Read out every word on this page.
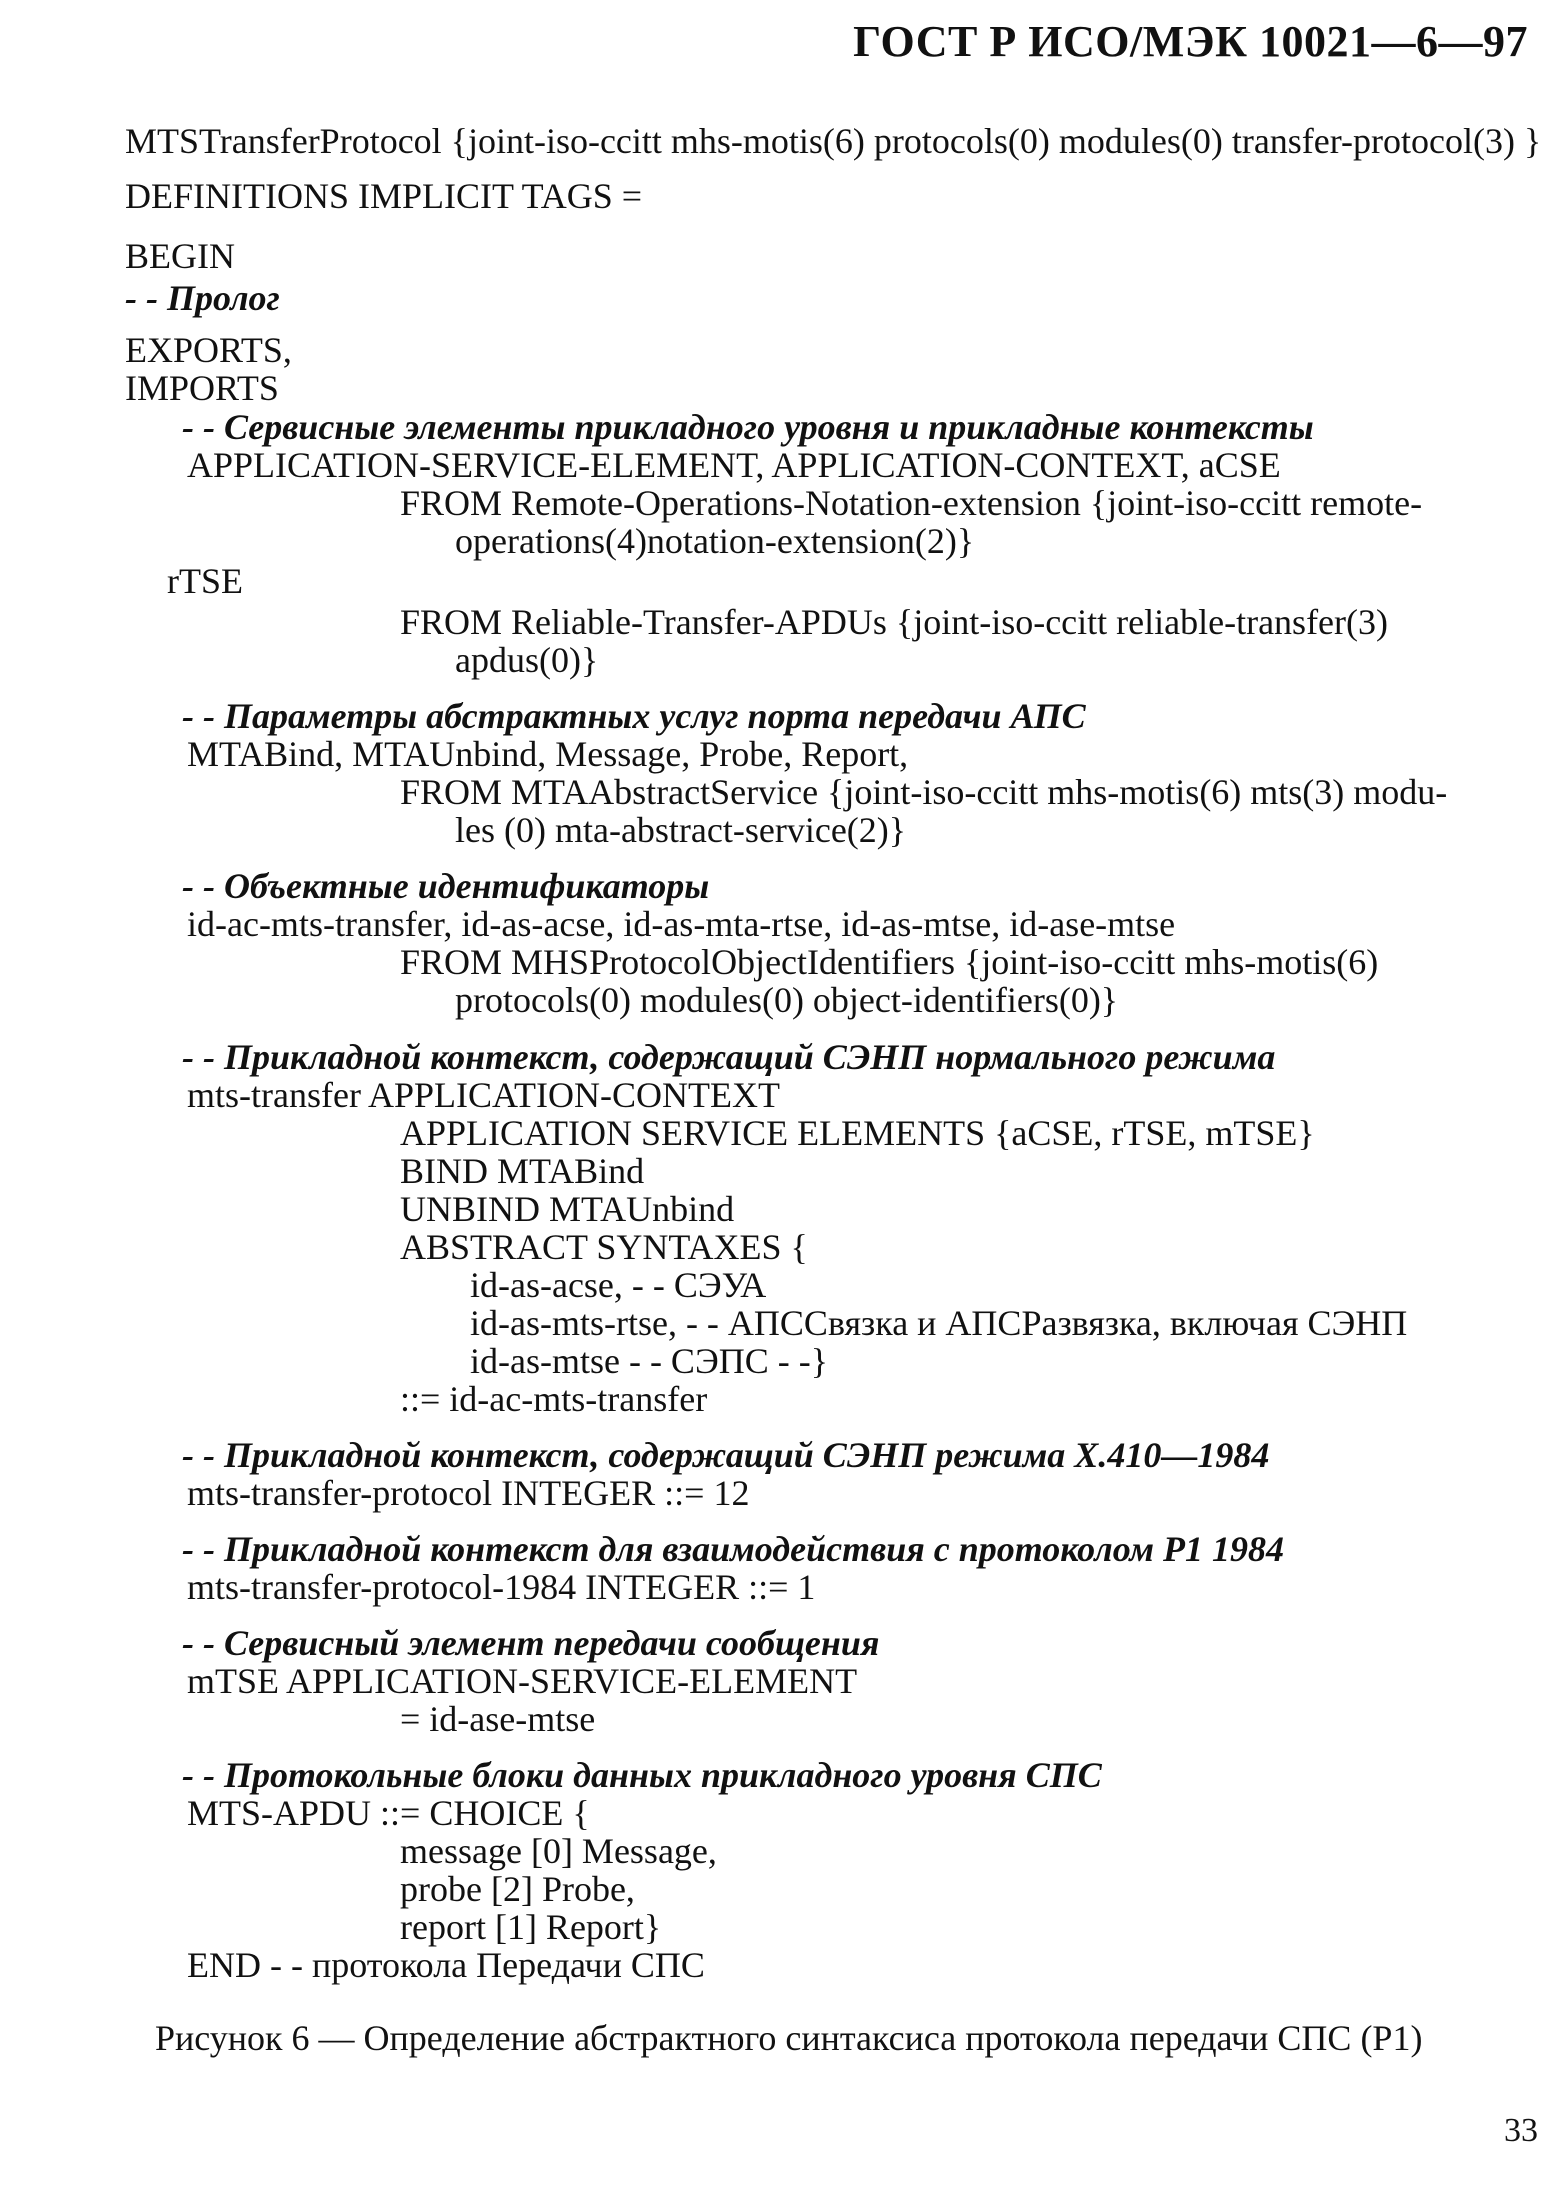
ГОСТ Р ИСО/МЭК 10021—6—97
MTSTransferProtocol {joint-iso-ccitt mhs-motis(6) protocols(0) modules(0) transfer-protocol(3) }
DEFINITIONS IMPLICIT TAGS =
BEGIN
- - Пролог
EXPORTS,
IMPORTS
- - Сервисные элементы прикладного уровня и прикладные контексты
APPLICATION-SERVICE-ELEMENT, APPLICATION-CONTEXT, aCSE
FROM Remote-Operations-Notation-extension {joint-iso-ccitt remote-
operations(4)notation-extension(2)}
rTSE
FROM Reliable-Transfer-APDUs {joint-iso-ccitt reliable-transfer(3)
apdus(0)}
- - Параметры абстрактных услуг порта передачи АПС
MTABind, MTAUnbind, Message, Probe, Report,
FROM MTAAbstractService {joint-iso-ccitt mhs-motis(6) mts(3) modu-
les (0) mta-abstract-service(2)}
- - Объектные идентификаторы
id-ac-mts-transfer, id-as-acse, id-as-mta-rtse, id-as-mtse, id-ase-mtse
FROM MHSProtocolObjectIdentifiers {joint-iso-ccitt mhs-motis(6)
protocols(0) modules(0) object-identifiers(0)}
- - Прикладной контекст, содержащий СЭНП нормального режима
mts-transfer APPLICATION-CONTEXT
APPLICATION SERVICE ELEMENTS {aCSE, rTSE, mTSE}
BIND MTABind
UNBIND MTAUnbind
ABSTRACT SYNTAXES {
id-as-acse, - - СЭУА
id-as-mts-rtse, - - АПССвязка и АПСРазвязка, включая СЭНП
id-as-mtse - - СЭПС - -}
::= id-ac-mts-transfer
- - Прикладной контекст, содержащий СЭНП режима X.410—1984
mts-transfer-protocol INTEGER ::= 12
- - Прикладной контекст для взаимодействия с протоколом P1 1984
mts-transfer-protocol-1984 INTEGER ::= 1
- - Сервисный элемент передачи сообщения
mTSE APPLICATION-SERVICE-ELEMENT
= id-ase-mtse
- - Протокольные блоки данных прикладного уровня СПС
MTS-APDU ::= CHOICE {
message [0] Message,
probe [2] Probe,
report [1] Report}
END - - протокола Передачи СПС
Рисунок 6 — Определение абстрактного синтаксиса протокола передачи СПС (P1)
33
